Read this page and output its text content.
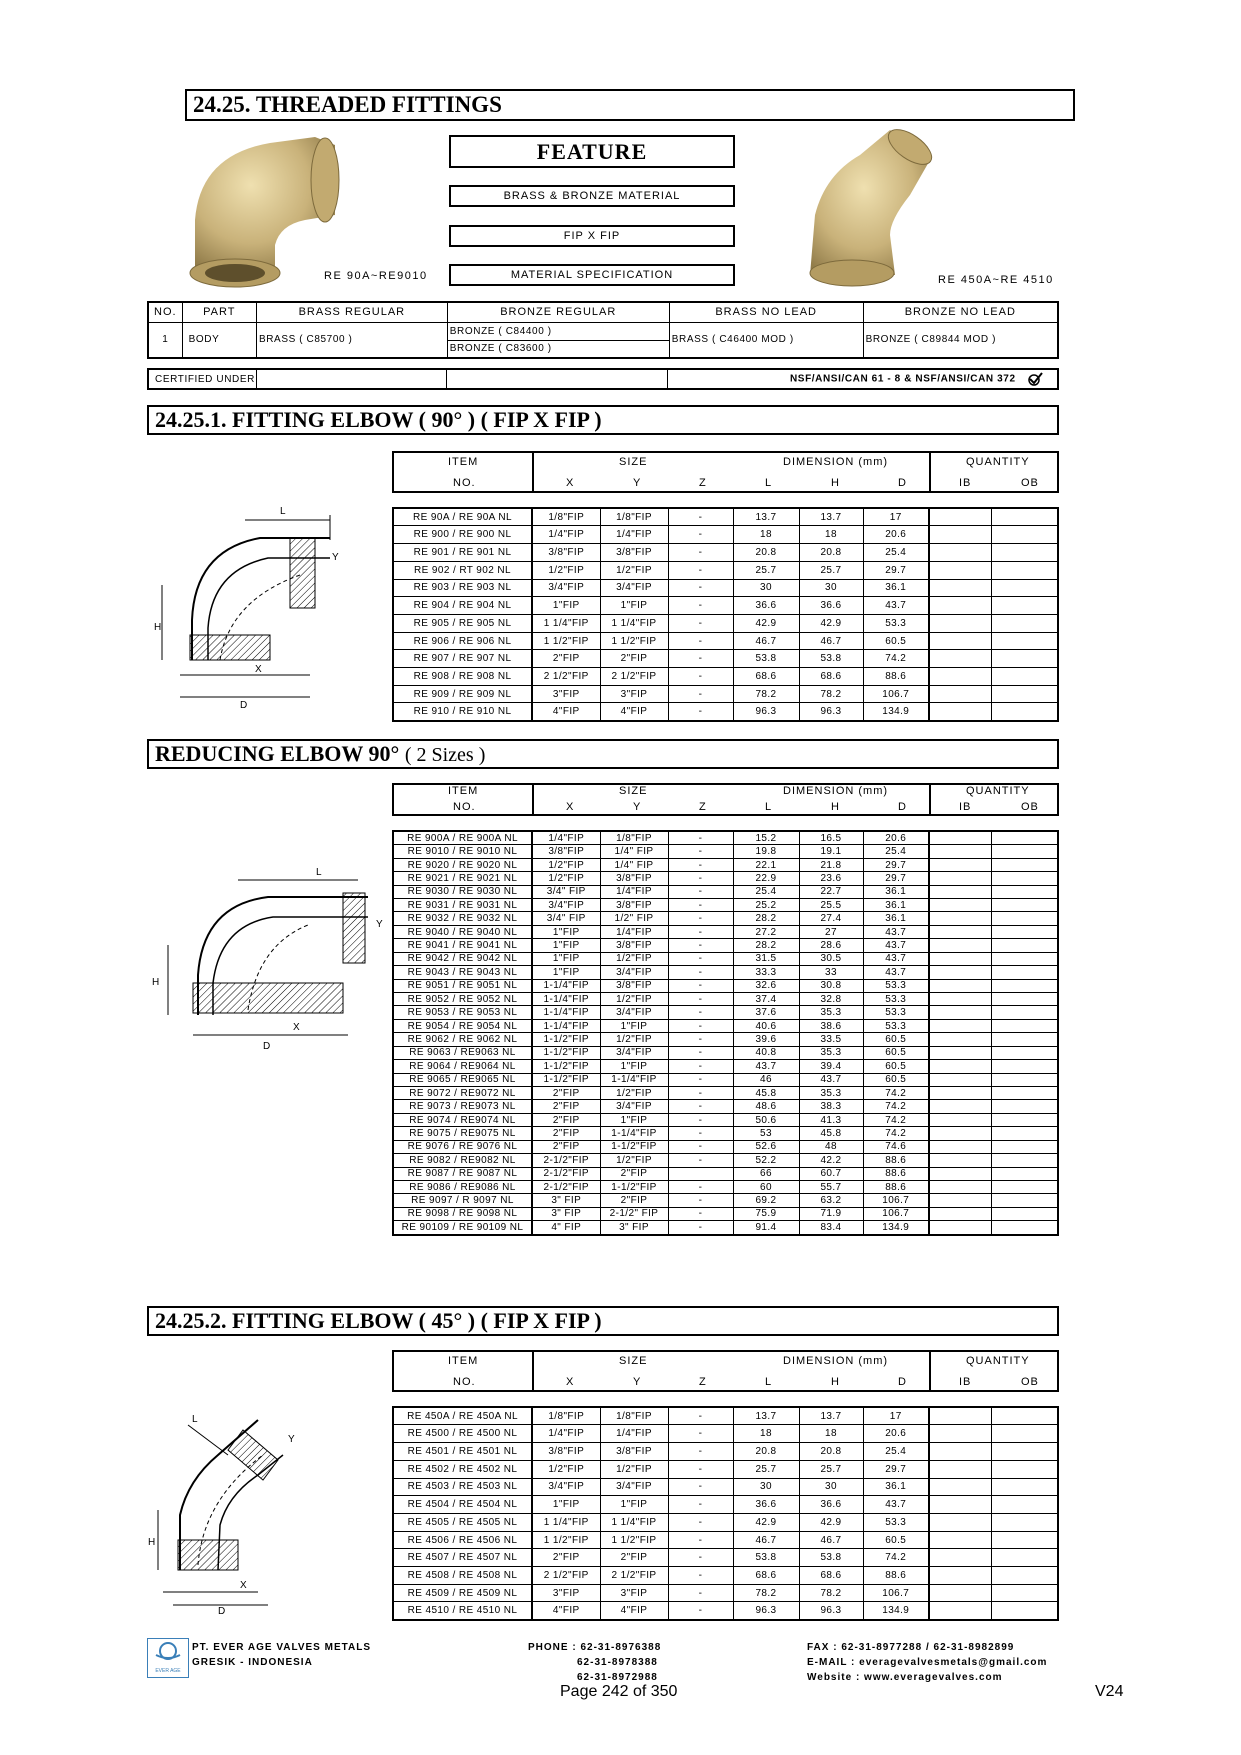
24.25. THREADED FITTINGS
FEATURE
BRASS & BRONZE MATERIAL
FIP X FIP
MATERIAL SPECIFICATION
RE 90A~RE9010	RE 450A~RE 4510
NO.	PART	BRASS REGULAR	BRONZE REGULAR	BRASS NO LEAD	BRONZE NO LEAD
1	BODY	BRASS ( C85700 )	BRONZE ( C84400 )	BRASS ( C46400 MOD )	BRONZE ( C89844 MOD )
			BRONZE ( C83600 )		
CERTIFIED UNDER			NSF/ANSI/CAN 61 - 8 & NSF/ANSI/CAN 372
24.25.1. FITTING ELBOW ( 90° ) ( FIP X FIP )
ITEM
NO.
SIZE
X	Y	Z
DIMENSION (mm)
L	H	D
QUANTITY
IB	OB
RE 90A / RE 90A NL	1/8"FIP	1/8"FIP	-	13.7	13.7	17		
RE 900 / RE 900 NL	1/4"FIP	1/4"FIP	-	18	18	20.6		
RE 901 / RE 901 NL	3/8"FIP	3/8"FIP	-	20.8	20.8	25.4		
RE 902 / RT 902 NL	1/2"FIP	1/2"FIP	-	25.7	25.7	29.7		
RE 903 / RE 903 NL	3/4"FIP	3/4"FIP	-	30	30	36.1		
RE 904 / RE 904 NL	1"FIP	1"FIP	-	36.6	36.6	43.7		
RE 905 / RE 905 NL	1 1/4"FIP	1 1/4"FIP	-	42.9	42.9	53.3		
RE 906 / RE 906 NL	1 1/2"FIP	1 1/2"FIP	-	46.7	46.7	60.5		
RE 907 / RE 907 NL	2"FIP	2"FIP	-	53.8	53.8	74.2		
RE 908 / RE 908 NL	2 1/2"FIP	2 1/2"FIP	-	68.6	68.6	88.6		
RE 909 / RE 909 NL	3"FIP	3"FIP	-	78.2	78.2	106.7		
RE 910 / RE 910 NL	4"FIP	4"FIP	-	96.3	96.3	134.9		
L
Y
H
X
D
REDUCING ELBOW 90° ( 2 Sizes )
ITEM
NO.
SIZE
X	Y	Z
DIMENSION (mm)
L	H	D
QUANTITY
IB	OB
RE 900A / RE 900A NL	1/4"FIP	1/8"FIP	-	15.2	16.5	20.6		
RE 9010 / RE 9010 NL	3/8"FIP	1/4" FIP	-	19.8	19.1	25.4		
RE 9020 / RE 9020 NL	1/2"FIP	1/4" FIP	-	22.1	21.8	29.7		
RE 9021 / RE 9021 NL	1/2"FIP	3/8"FIP	-	22.9	23.6	29.7		
RE 9030 / RE 9030 NL	3/4" FIP	1/4"FIP	-	25.4	22.7	36.1		
RE 9031 / RE 9031 NL	3/4"FIP	3/8"FIP	-	25.2	25.5	36.1		
RE 9032 / RE 9032 NL	3/4" FIP	1/2" FIP	-	28.2	27.4	36.1		
RE 9040 / RE 9040 NL	1"FIP	1/4"FIP	-	27.2	27	43.7		
RE 9041 / RE 9041 NL	1"FIP	3/8"FIP	-	28.2	28.6	43.7		
RE 9042 / RE 9042 NL	1"FIP	1/2"FIP	-	31.5	30.5	43.7		
RE 9043 / RE 9043 NL	1"FIP	3/4"FIP	-	33.3	33	43.7		
RE 9051 / RE 9051 NL	1-1/4"FIP	3/8"FIP	-	32.6	30.8	53.3		
RE 9052 / RE 9052 NL	1-1/4"FIP	1/2"FIP	-	37.4	32.8	53.3		
RE 9053 / RE 9053 NL	1-1/4"FIP	3/4"FIP	-	37.6	35.3	53.3		
RE 9054 / RE 9054 NL	1-1/4"FIP	1"FIP	-	40.6	38.6	53.3		
RE 9062 / RE 9062 NL	1-1/2"FIP	1/2"FIP	-	39.6	33.5	60.5		
RE 9063 / RE9063 NL	1-1/2"FIP	3/4"FIP	-	40.8	35.3	60.5		
RE 9064 / RE9064 NL	1-1/2"FIP	1"FIP	-	43.7	39.4	60.5		
RE 9065 / RE9065 NL	1-1/2"FIP	1-1/4"FIP	-	46	43.7	60.5		
RE 9072 / RE9072 NL	2"FIP	1/2"FIP	-	45.8	35.3	74.2		
RE 9073 / RE9073 NL	2"FIP	3/4"FIP	-	48.6	38.3	74.2		
RE 9074 / RE9074 NL	2"FIP	1"FIP	-	50.6	41.3	74.2		
RE 9075 / RE9075 NL	2"FIP	1-1/4"FIP	-	53	45.8	74.2		
RE 9076 / RE 9076 NL	2"FIP	1-1/2"FIP	-	52.6	48	74.6		
RE 9082 / RE9082 NL	2-1/2"FIP	1/2"FIP	-	52.2	42.2	88.6		
RE 9087 / RE 9087 NL	2-1/2"FIP	2"FIP		66	60.7	88.6		
RE 9086 / RE9086 NL	2-1/2"FIP	1-1/2"FIP	-	60	55.7	88.6		
RE 9097 / R 9097 NL	3" FIP	2"FIP	-	69.2	63.2	106.7		
RE 9098 / RE 9098 NL	3" FIP	2-1/2" FIP	-	75.9	71.9	106.7		
RE 90109 / RE 90109 NL	4" FIP	3" FIP	-	91.4	83.4	134.9		
L
Y
H
X
D
24.25.2. FITTING ELBOW ( 45° ) ( FIP X FIP )
ITEM
NO.
SIZE
X	Y	Z
DIMENSION (mm)
L	H	D
QUANTITY
IB	OB
RE 450A / RE 450A NL	1/8"FIP	1/8"FIP	-	13.7	13.7	17		
RE 4500 / RE 4500 NL	1/4"FIP	1/4"FIP	-	18	18	20.6		
RE 4501 / RE 4501 NL	3/8"FIP	3/8"FIP	-	20.8	20.8	25.4		
RE 4502 / RE 4502 NL	1/2"FIP	1/2"FIP	-	25.7	25.7	29.7		
RE 4503 / RE 4503 NL	3/4"FIP	3/4"FIP	-	30	30	36.1		
RE 4504 / RE 4504 NL	1"FIP	1"FIP	-	36.6	36.6	43.7		
RE 4505 / RE 4505 NL	1 1/4"FIP	1 1/4"FIP	-	42.9	42.9	53.3		
RE 4506 / RE 4506 NL	1 1/2"FIP	1 1/2"FIP	-	46.7	46.7	60.5		
RE 4507 / RE 4507 NL	2"FIP	2"FIP	-	53.8	53.8	74.2		
RE 4508 / RE 4508 NL	2 1/2"FIP	2 1/2"FIP	-	68.6	68.6	88.6		
RE 4509 / RE 4509 NL	3"FIP	3"FIP	-	78.2	78.2	106.7		
RE 4510 / RE 4510 NL	4"FIP	4"FIP	-	96.3	96.3	134.9		
L
Y
H
X
D
EVER AGE
PT. EVER AGE VALVES METALS
GRESIK - INDONESIA
PHONE : 62-31-8976388
62-31-8978388
62-31-8972988
FAX : 62-31-8977288 / 62-31-8982899
E-MAIL : everagevalvesmetals@gmail.com
Website : www.everagevalves.com
Page 242 of 350	V24
